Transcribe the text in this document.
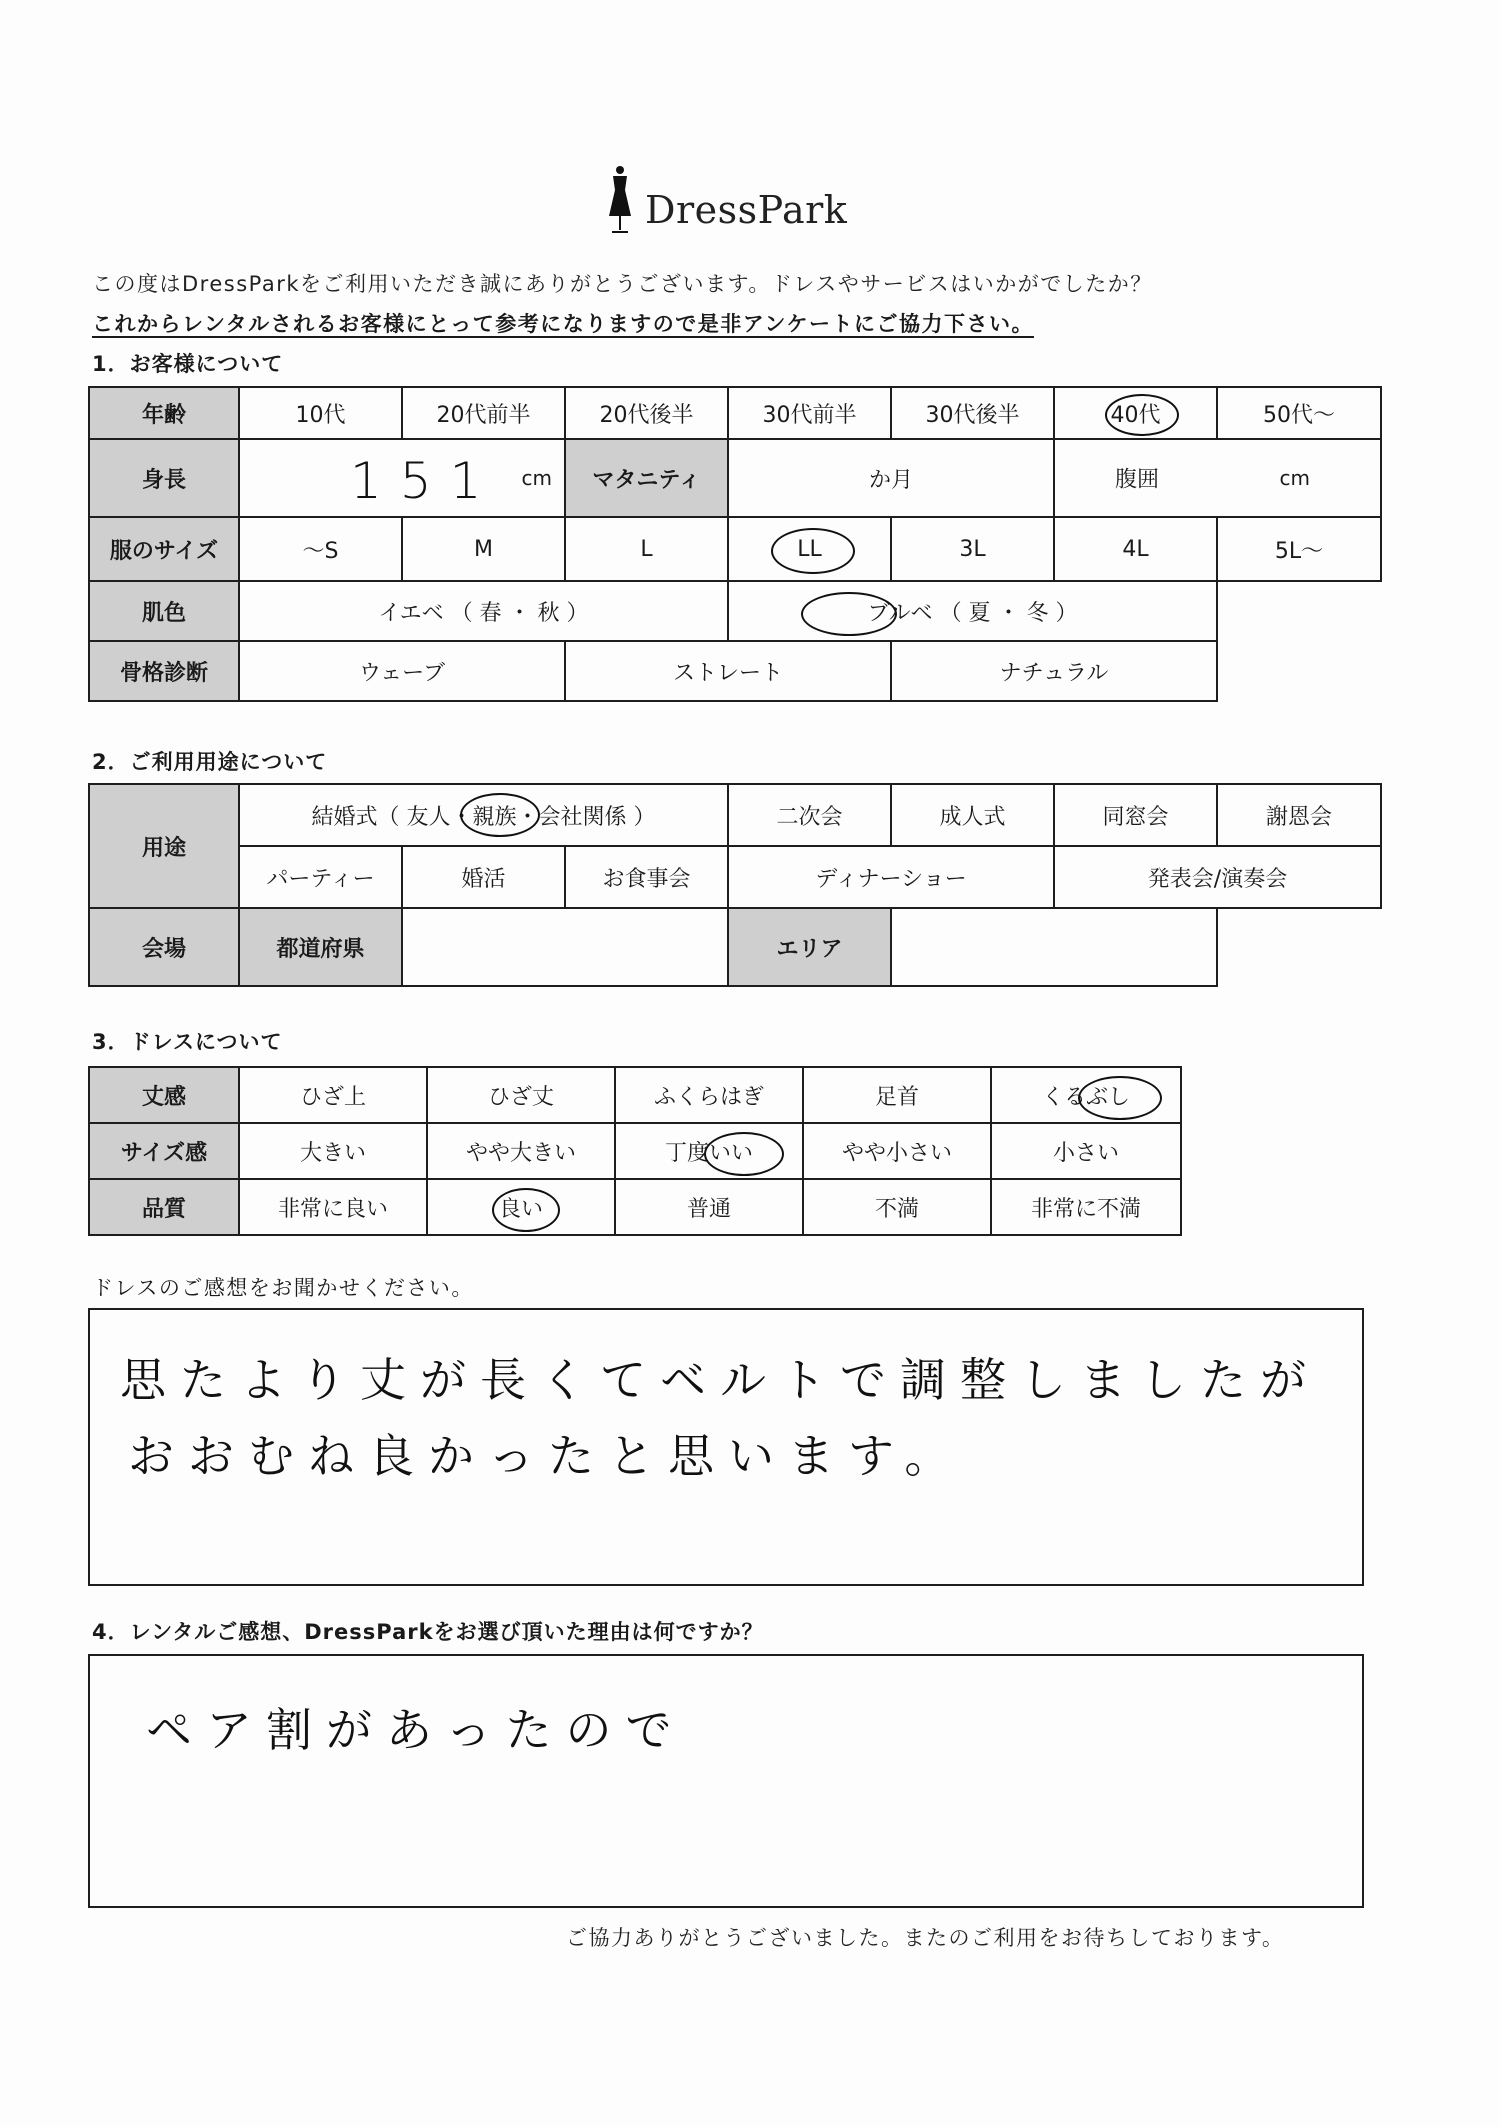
DressPark
この度はDressParkをご利用いただき誠にありがとうございます。ドレスやサービスはいかがでしたか？
これからレンタルされるお客様にとって参考になりますので是非アンケートにご協力下さい。
1．お客様について
年齢	10代	20代前半	20代後半	30代前半	30代後半	40代	50代～
身長	151 cm		マタニティ	か月		腹囲 cm	

服のサイズ	～S	M	L	LL	3L	4L	5L～
肌色	イエベ （ 春 ・ 秋 ）			ブルベ （ 夏 ・ 冬 ）		

骨格診断	ウェーブ		ストレート		ナチュラル		
2．ご利用用途について
用途	結婚式（ 友人・親族・会社関係 ）			二次会	成人式	同窓会	謝恩会
	パーティー	婚活	お食事会	ディナーショー		発表会/演奏会	
会場	都道府県			エリア			
3．ドレスについて
丈感	ひざ上	ひざ丈	ふくらはぎ	足首	くるぶし

サイズ感	大きい	やや大きい	丁度いい	やや小さい	小さい
品質	非常に良い	良い	普通	不満	非常に不満
ドレスのご感想をお聞かせください。
思たより丈が長くてベルトで調整しましたが
おおむね良かったと思います。
4．レンタルご感想、DressParkをお選び頂いた理由は何ですか？
ペア割があったので
ご協力ありがとうございました。またのご利用をお待ちしております。
